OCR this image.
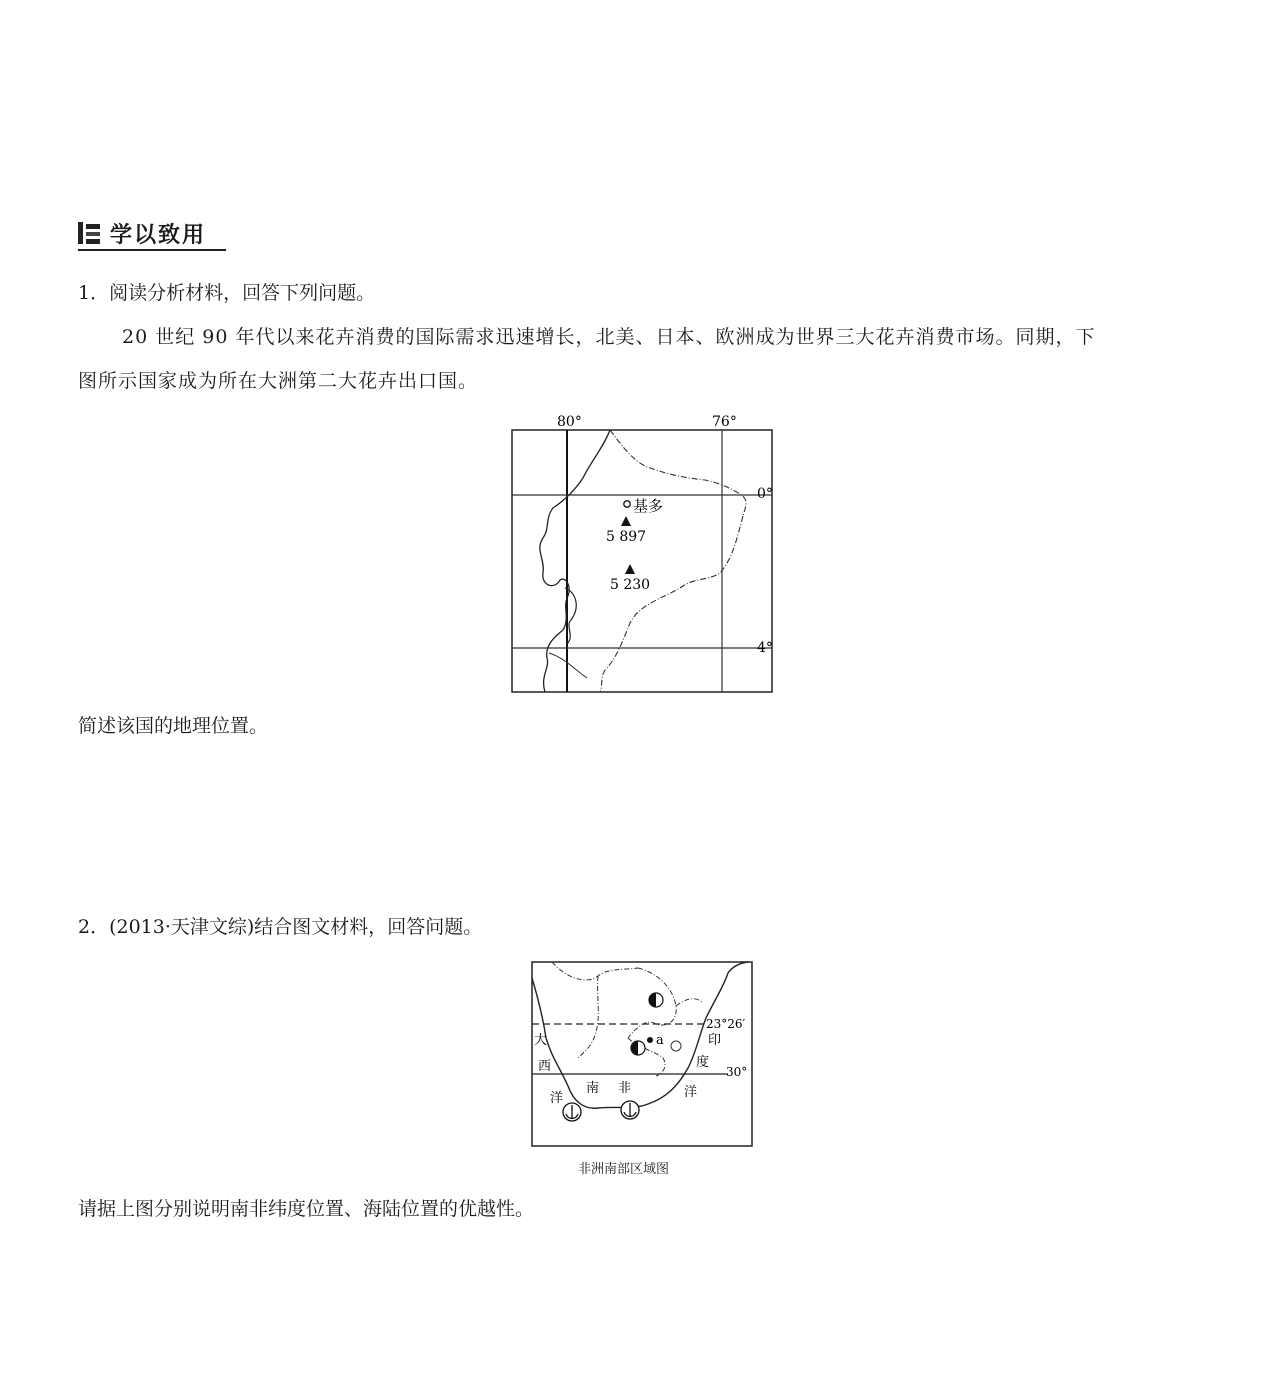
学以致用
1．阅读分析材料，回答下列问题。
20 世纪 90 年代以来花卉消费的国际需求迅速增长，北美、日本、欧洲成为世界三大花卉消费市场。同期，下
图所示国家成为所在大洲第二大花卉出口国。
80°	76°
0°
4°
基多
5 897
5 230
简述该国的地理位置。
2．(2013·天津文综)结合图文材料，回答问题。
a
23°26′
30°
大
西
洋
印
度
洋
南 非
非洲南部区域图
请据上图分别说明南非纬度位置、海陆位置的优越性。
